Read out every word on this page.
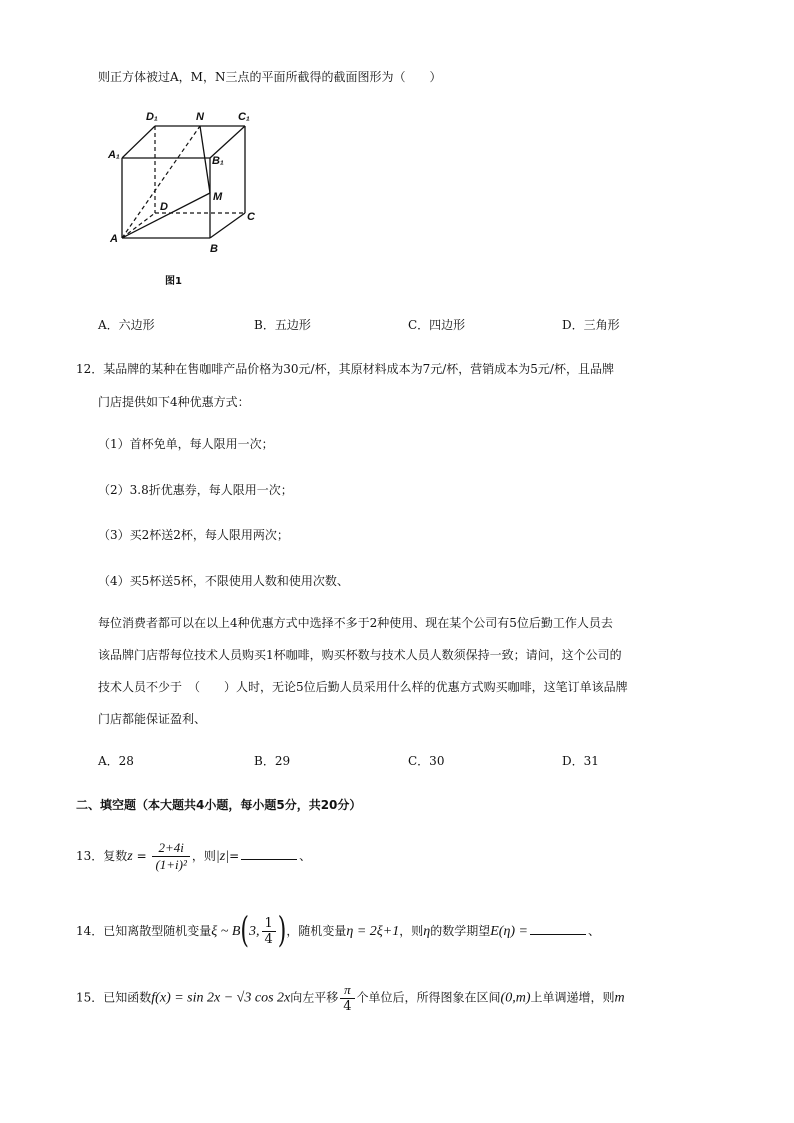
则正方体被过A，M，N三点的平面所截得的截面图形为（　　）
D₁	N	C₁
A₁	B₁
M
D
C
A
B
图1
A．六边形	B．五边形	C．四边形	D．三角形
12．某品牌的某种在售咖啡产品价格为30元/杯，其原材料成本为7元/杯，营销成本为5元/杯，且品牌
门店提供如下4种优惠方式：
（1）首杯免单，每人限用一次；
（2）3.8折优惠券，每人限用一次；
（3）买2杯送2杯，每人限用两次；
（4）买5杯送5杯，不限使用人数和使用次数、
每位消费者都可以在以上4种优惠方式中选择不多于2种使用、现在某个公司有5位后勤工作人员去
该品牌门店帮每位技术人员购买1杯咖啡，购买杯数与技术人员人数须保持一致；请问，这个公司的
技术人员不少于　（　　）人时，无论5位后勤人员采用什么样的优惠方式购买咖啡，这笔订单该品牌
门店都能保证盈利、
A．28	B．29	C．30	D．31
二、填空题（本大题共4小题，每小题5分，共20分）
13．复数$z = \frac{2+4i}{\text{(1+i)²}}$ ，则|z|=	、
14．已知离散型随机变量ξ ~ B(3, $\frac{1}{4}$ )，随机变量η = 2ξ+1，则η的数学期望E(η) =	、
15．已知函数f(x) = sin 2x − √3 cos 2x向左平移 $\frac{\pi}{4}$ 个单位后，所得图象在区间(0,m)上单调递增，则m
